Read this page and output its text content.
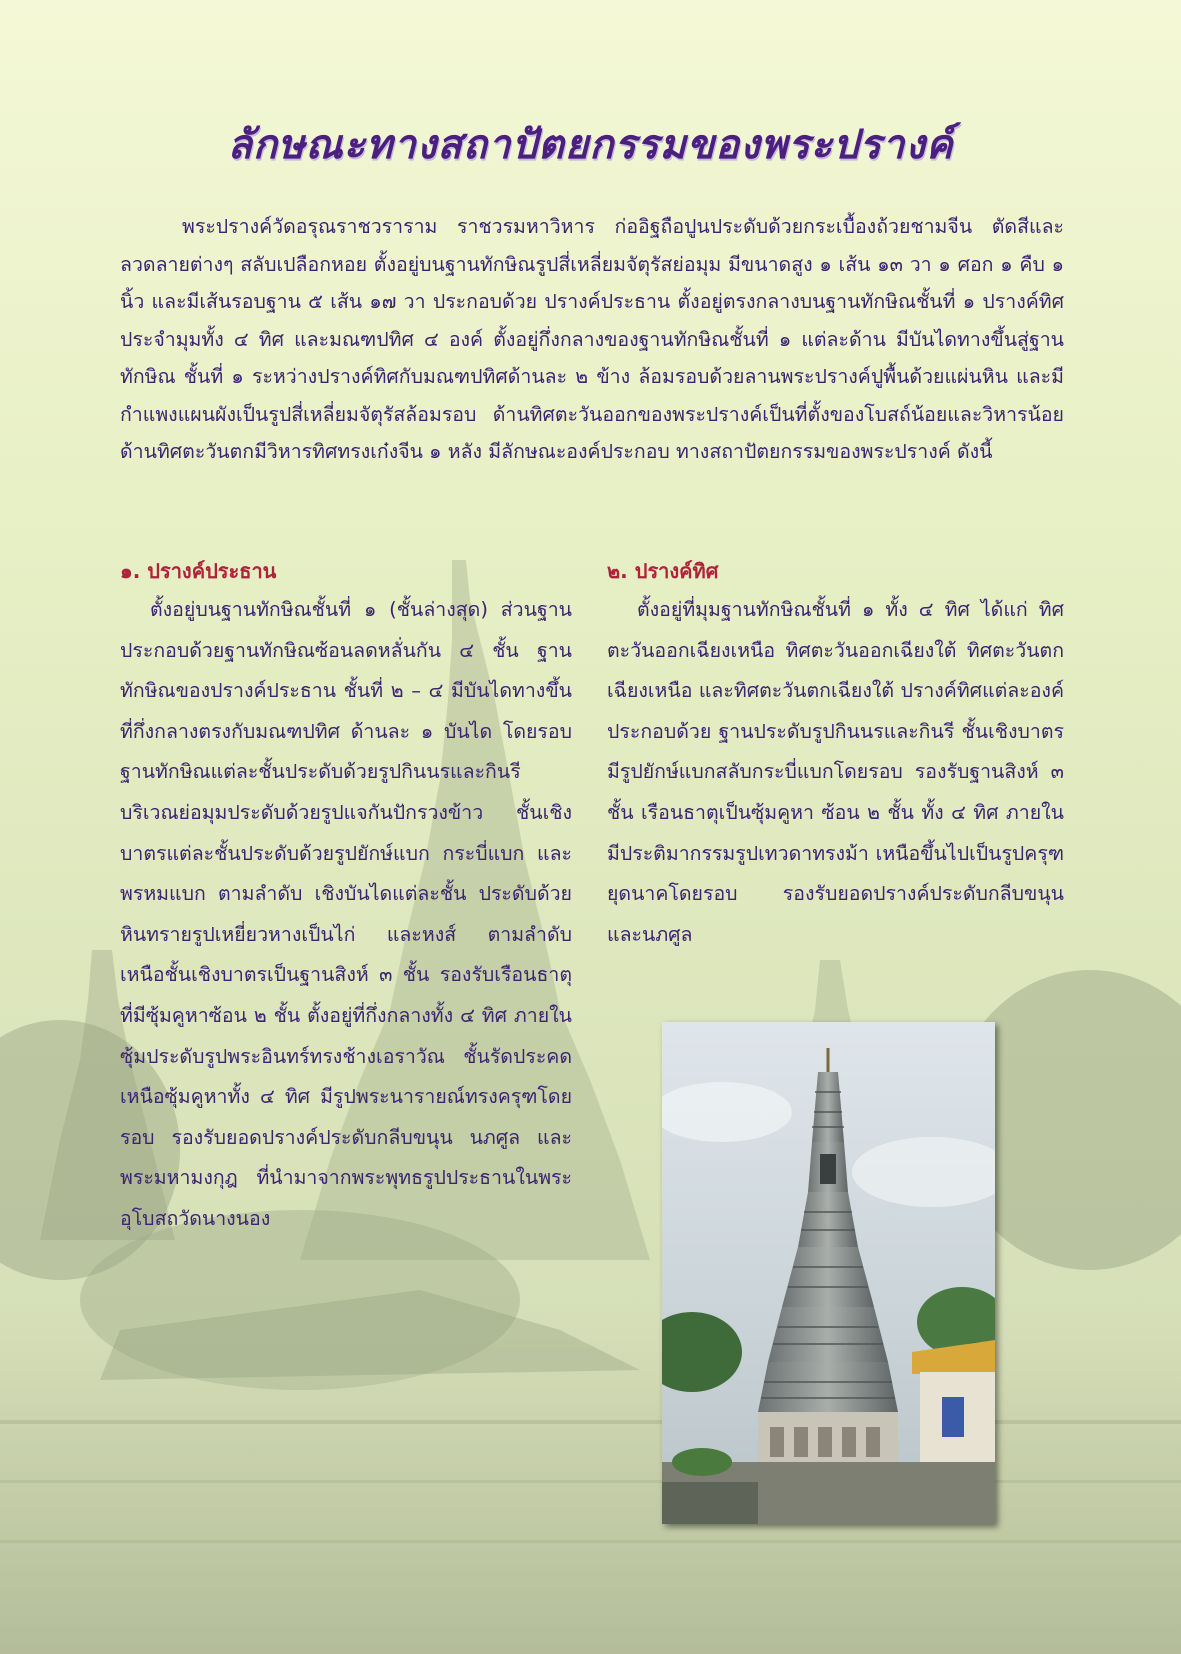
ลักษณะทางสถาปัตยกรรมของพระปรางค์

พระปรางค์วัดอรุณราชวราราม ราชวรมหาวิหาร ก่ออิฐถือปูนประดับด้วยกระเบื้องถ้วยชามจีน ตัดสีและลวดลายต่างๆ สลับเปลือกหอย ตั้งอยู่บนฐานทักษิณรูปสี่เหลี่ยมจัตุรัสย่อมุม มีขนาดสูง ๑ เส้น ๑๓ วา ๑ ศอก ๑ คืบ ๑ นิ้ว และมีเส้นรอบฐาน ๕ เส้น ๑๗ วา ประกอบด้วย ปรางค์ประธาน ตั้งอยู่ตรงกลางบนฐานทักษิณชั้นที่ ๑ ปรางค์ทิศประจำมุมทั้ง ๔ ทิศ และมณฑปทิศ ๔ องค์ ตั้งอยู่กึ่งกลางของฐานทักษิณชั้นที่ ๑ แต่ละด้าน มีบันไดทางขึ้นสู่ฐานทักษิณ ชั้นที่ ๑ ระหว่างปรางค์ทิศกับมณฑปทิศด้านละ ๒ ข้าง ล้อมรอบด้วยลานพระปรางค์ปูพื้นด้วยแผ่นหิน และมีกำแพงแผนผังเป็นรูปสี่เหลี่ยมจัตุรัสล้อมรอบ ด้านทิศตะวันออกของพระปรางค์เป็นที่ตั้งของโบสถ์น้อยและวิหารน้อย ด้านทิศตะวันตกมีวิหารทิศทรงเก๋งจีน ๑ หลัง มีลักษณะองค์ประกอบ ทางสถาปัตยกรรมของพระปรางค์ ดังนี้

๑. ปรางค์ประธาน

ตั้งอยู่บนฐานทักษิณชั้นที่ ๑ (ชั้นล่างสุด) ส่วนฐานประกอบด้วยฐานทักษิณซ้อนลดหลั่นกัน ๔ ชั้น ฐานทักษิณของปรางค์ประธาน ชั้นที่ ๒ – ๔ มีบันไดทางขึ้นที่กึ่งกลางตรงกับมณฑปทิศ ด้านละ ๑ บันได โดยรอบฐานทักษิณแต่ละชั้นประดับด้วยรูปกินนรและกินรี บริเวณย่อมุมประดับด้วยรูปแจกันปักรวงข้าว ชั้นเชิงบาตรแต่ละชั้นประดับด้วยรูปยักษ์แบก กระบี่แบก และพรหมแบก ตามลำดับ เชิงบันไดแต่ละชั้น ประดับด้วยหินทรายรูปเหยี่ยวหางเป็นไก่ และหงส์ ตามลำดับ เหนือชั้นเชิงบาตรเป็นฐานสิงห์ ๓ ชั้น รองรับเรือนธาตุที่มีซุ้มคูหาซ้อน ๒ ชั้น ตั้งอยู่ที่กึ่งกลางทั้ง ๔ ทิศ ภายในซุ้มประดับรูปพระอินทร์ทรงช้างเอราวัณ ชั้นรัดประคดเหนือซุ้มคูหาทั้ง ๔ ทิศ มีรูปพระนารายณ์ทรงครุฑโดยรอบ รองรับยอดปรางค์ประดับกลีบขนุน นภศูล และพระมหามงกุฎ ที่นำมาจากพระพุทธรูปประธานในพระอุโบสถวัดนางนอง

๒. ปรางค์ทิศ

ตั้งอยู่ที่มุมฐานทักษิณชั้นที่ ๑ ทั้ง ๔ ทิศ ได้แก่ ทิศตะวันออกเฉียงเหนือ ทิศตะวันออกเฉียงใต้ ทิศตะวันตกเฉียงเหนือ และทิศตะวันตกเฉียงใต้ ปรางค์ทิศแต่ละองค์ประกอบด้วย ฐานประดับรูปกินนรและกินรี ชั้นเชิงบาตรมีรูปยักษ์แบกสลับกระบี่แบกโดยรอบ รองรับฐานสิงห์ ๓ ชั้น เรือนธาตุเป็นซุ้มคูหา ซ้อน ๒ ชั้น ทั้ง ๔ ทิศ ภายในมีประติมากรรมรูปเทวดาทรงม้า เหนือขึ้นไปเป็นรูปครุฑยุดนาคโดยรอบ รองรับยอดปรางค์ประดับกลีบขนุน และนภศูล
